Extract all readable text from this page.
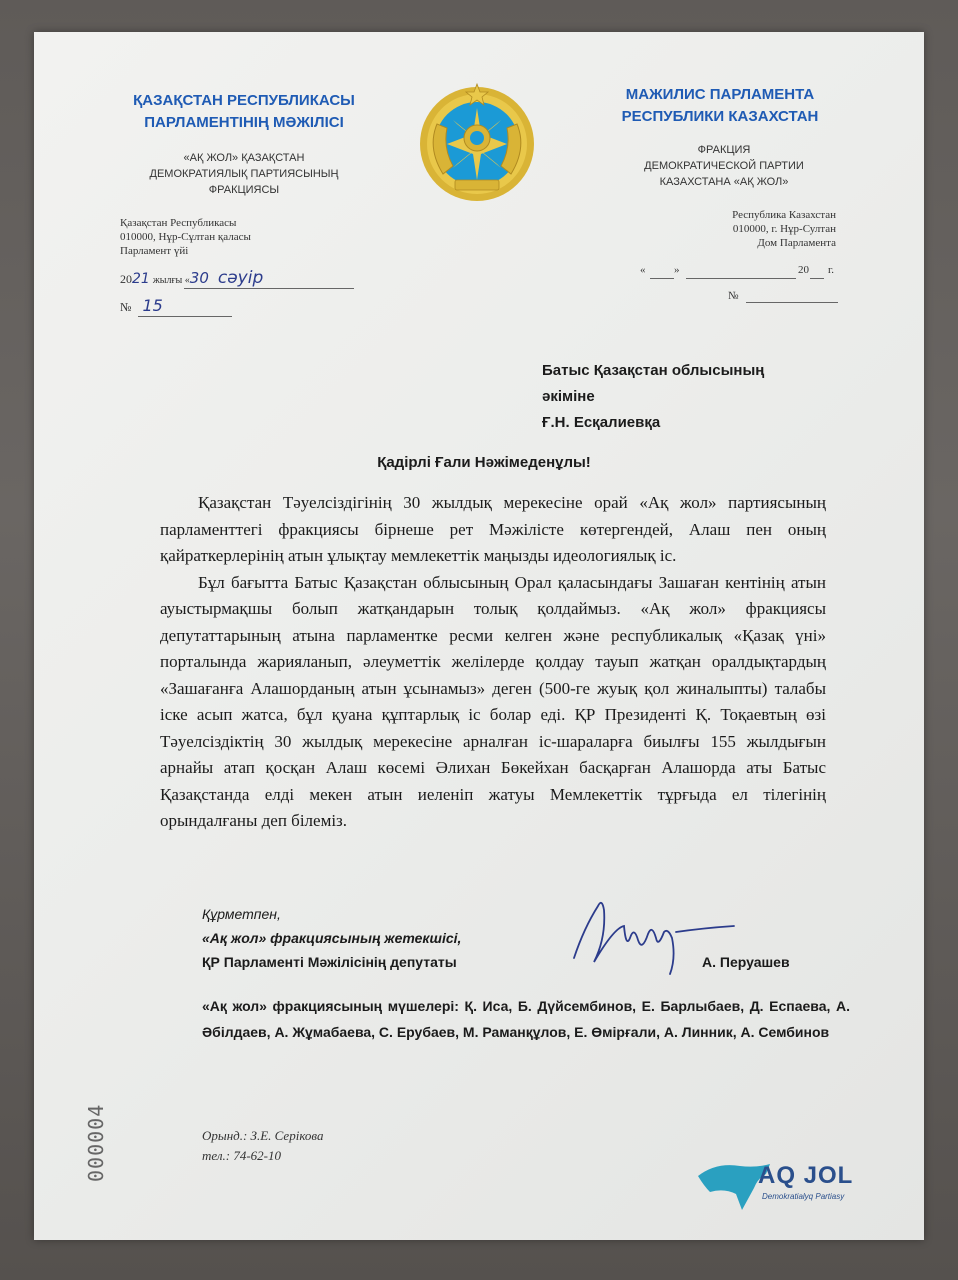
ҚАЗАҚСТАН РЕСПУБЛИКАСЫ
ПАРЛАМЕНТІНІҢ МӘЖІЛІСІ
«АҚ ЖОЛ» ҚАЗАҚСТАН
ДЕМОКРАТИЯЛЫҚ ПАРТИЯСЫНЫҢ
ФРАКЦИЯСЫ
МАЖИЛИС ПАРЛАМЕНТА
РЕСПУБЛИКИ КАЗАХСТАН
ФРАКЦИЯ
ДЕМОКРАТИЧЕСКОЙ ПАРТИИ
КАЗАХСТАНА «АҚ ЖОЛ»
Қазақстан Республикасы
010000, Нұр-Сұлтан қаласы
Парламент үйі
Республика Казахстан
010000, г. Нұр-Султан
Дом Парламента
2021 жылғы «30 сәуір
№ 15
«	»	20 г.
№
Батыс Қазақстан облысының
әкіміне
Ғ.Н. Есқалиевқа
Қадірлі Ғали Нәжімеденұлы!

Қазақстан Тәуелсіздігінің 30 жылдық мерекесіне орай «Ақ жол» партиясының парламенттегі фракциясы бірнеше рет Мәжілісте көтергендей, Алаш пен оның қайраткерлерінің атын ұлықтау мемлекеттік маңызды идеологиялық іс.

Бұл бағытта Батыс Қазақстан облысының Орал қаласындағы Зашаған кентінің атын ауыстырмақшы болып жатқандарын толық қолдаймыз. «Ақ жол» фракциясы депутаттарының атына парламентке ресми келген және республикалық «Қазақ үні» порталында жарияланып, әлеуметтік желілерде қолдау тауып жатқан оралдықтардың «Зашағанға Алашорданың атын ұсынамыз» деген (500-ге жуық қол жиналыпты) талабы іске асып жатса, бұл қуана құптарлық іс болар еді. ҚР Президенті Қ. Тоқаевтың өзі Тәуелсіздіктің 30 жылдық мерекесіне арналған іс-шараларға биылғы 155 жылдығын арнайы атап қосқан Алаш көсемі Әлихан Бөкейхан басқарған Алашорда аты Батыс Қазақстанда елді мекен атын иеленіп жатуы Мемлекеттік тұрғыда ел тілегінің орындалғаны деп білеміз.

Құрметпен,
«Ақ жол» фракциясының жетекшісі,
ҚР Парламенті Мәжілісінің депутаты	А. Перуашев
«Ақ жол» фракциясының мүшелері: Қ. Иса, Б. Дүйсембинов, Е. Барлыбаев, Д. Еспаева, А. Әбілдаев, А. Жұмабаева, С. Ерубаев, М. Раманқұлов, Е. Өмірғали, А. Линник, А. Сембинов
000004	Орынд.: З.Е. Серікова
тел.: 74-62-10
AQ JOL
Demokratialyq Partiasy
